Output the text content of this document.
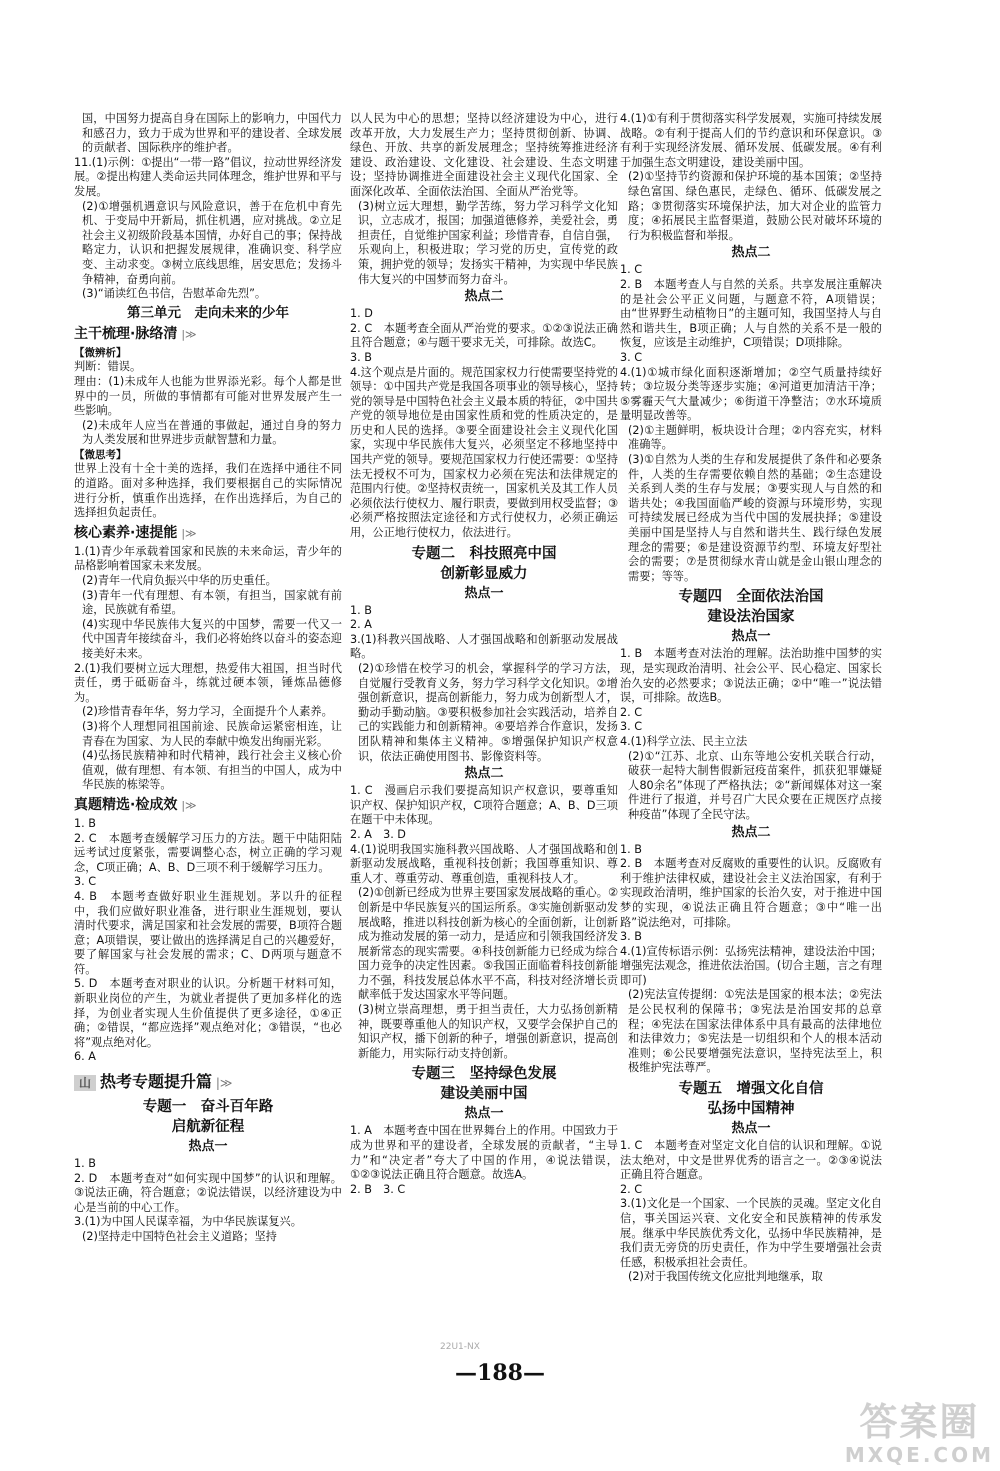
国，中国努力提高自身在国际上的影响力，中国代力和感召力，致力于成为世界和平的建设者、全球发展的贡献者、国际秩序的维护者。

11.(1)示例：①提出“一带一路”倡议，拉动世界经济发展。②提出构建人类命运共同体理念，维护世界和平与发展。

(2)①增强机遇意识与风险意识，善于在危机中育先机、于变局中开新局，抓住机遇，应对挑战。②立足社会主义初级阶段基本国情，办好自己的事；保持战略定力，认识和把握发展规律，准确识变、科学应变、主动求变。③树立底线思维，居安思危；发扬斗争精神，奋勇向前。

(3)“诵读红色书信，告慰革命先烈”。

第三单元　走向未来的少年
主干梳理·脉络清 |≫

【微辨析】

判断：错误。

理由：(1)未成年人也能为世界添光彩。每个人都是世界中的一员，所做的事情都有可能对世界发展产生一些影响。

(2)未成年人应当在普通的事做起，通过自身的努力为人类发展和世界进步贡献智慧和力量。

【微思考】

世界上没有十全十美的选择，我们在选择中通往不同的道路。面对多种选择，我们要根据自己的实际情况进行分析，慎重作出选择，在作出选择后，为自己的选择担负起责任。

核心素养·速提能 |≫

1.(1)青少年承载着国家和民族的未来命运，青少年的品格影响着国家未来发展。

(2)青年一代肩负振兴中华的历史重任。

(3)青年一代有理想、有本领，有担当，国家就有前途，民族就有希望。

(4)实现中华民族伟大复兴的中国梦，需要一代又一代中国青年接续奋斗，我们必将始终以奋斗的姿态迎接美好未来。

2.(1)我们要树立远大理想，热爱伟大祖国，担当时代责任，勇于砥砺奋斗，练就过硬本领，锤炼品德修为。

(2)珍惜青春年华，努力学习，全面提升个人素养。

(3)将个人理想同祖国前途、民族命运紧密相连，让青春在为国家、为人民的奉献中焕发出绚丽光彩。

(4)弘扬民族精神和时代精神，践行社会主义核心价值观，做有理想、有本领、有担当的中国人，成为中华民族的栋梁等。

真题精选·检成效 |≫

1. B

2. C　本题考查缓解学习压力的方法。题干中陆阳陆远考试过度紧张，需要调整心态，树立正确的学习观念，C项正确；A、B、D三项不利于缓解学习压力。

3. C

4. B　本题考查做好职业生涯规划。茅以升的征程中，我们应做好职业准备，进行职业生涯规划，要认清时代要求，满足国家和社会发展的需要，B项符合题意；A项错误，要让做出的选择满足自己的兴趣爱好，要了解国家与社会发展的需求；C、D两项与题意不符。

5. D　本题考查对职业的认识。分析题干材料可知，新职业岗位的产生，为就业者提供了更加多样化的选择，为创业者实现人生价值提供了更多途径，①④正确；②错误，“都应选择”观点绝对化；③错误，“也必将”观点绝对化。

6. A

山 热考专题提升篇 |≫
专题一　奋斗百年路
启航新征程
热点一

1. B

2. D　本题考查对“如何实现中国梦”的认识和理解。③说法正确，符合题意；②说法错误，以经济建设为中心是当前的中心工作。

3.(1)为中国人民谋幸福，为中华民族谋复兴。

(2)坚持走中国特色社会主义道路；坚持

以人民为中心的思想；坚持以经济建设为中心，进行改革开放，大力发展生产力；坚持贯彻创新、协调、绿色、开放、共享的新发展理念；坚持统筹推进经济建设、政治建设、文化建设、社会建设、生态文明建设；坚持协调推进全面建设社会主义现代化国家、全面深化改革、全面依法治国、全面从严治党等。

(3)树立远大理想，勤学苦练，努力学习科学文化知识，立志成才，报国；加强道德修养，美爱社会，勇担责任，自觉维护国家利益；珍惜青春，自信自强，乐观向上，积极进取；学习党的历史，宣传党的政策，拥护党的领导；发扬实干精神，为实现中华民族伟大复兴的中国梦而努力奋斗。

热点二

1. D

2. C　本题考查全面从严治党的要求。①②③说法正确且符合题意；④与题干要求无关，可排除。故选C。

3. B

4.这个观点是片面的。规范国家权力行使需要坚持党的领导：①中国共产党是我国各项事业的领导核心，坚持党的领导是中国特色社会主义最本质的特征，②中国共产党的领导地位是由国家性质和党的性质决定的，是历史和人民的选择。③要全面建设社会主义现代化国家，实现中华民族伟大复兴，必须坚定不移地坚持中国共产党的领导。要规范国家权力行使还需要：①坚持法无授权不可为，国家权力必须在宪法和法律规定的范围内行使。②坚持权责统一，国家机关及其工作人员必须依法行使权力、履行职责，要做到用权受监督；③必须严格按照法定途径和方式行使权力，必须正确运用，公正地行使权力，依法进行。

专题二　科技照亮中国
创新彰显威力
热点一

1. B

2. A

3.(1)科教兴国战略、人才强国战略和创新驱动发展战略。

(2)①珍惜在校学习的机会，掌握科学的学习方法，自觉履行受教育义务，努力学习科学文化知识。②增强创新意识，提高创新能力，努力成为创新型人才，勤动手勤动脑。③要积极参加社会实践活动，培养自己的实践能力和创新精神。④要培养合作意识，发扬团队精神和集体主义精神。⑤增强保护知识产权意识，依法正确使用图书、影像资料等。

热点二

1. C　漫画启示我们要提高知识产权意识，要尊重知识产权、保护知识产权，C项符合题意；A、B、D三项在题干中未体现。

2. A　3. D

4.(1)说明我国实施科教兴国战略、人才强国战略和创新驱动发展战略，重视科技创新；我国尊重知识、尊重人才、尊重劳动、尊重创造，重视科技人才。

(2)①创新已经成为世界主要国家发展战略的重心。②创新是中华民族复兴的国运所系。③实施创新驱动发展战略，推进以科技创新为核心的全面创新，让创新成为推动发展的第一动力，是适应和引领我国经济发展新常态的现实需要。④科技创新能力已经成为综合国力竞争的决定性因素。⑤我国正面临着科技创新能力不强，科技发展总体水平不高，科技对经济增长贡献率低于发达国家水平等问题。

(3)树立崇高理想，勇于担当责任，大力弘扬创新精神，既要尊重他人的知识产权，又要学会保护自己的知识产权，播下创新的种子，增强创新意识，提高创新能力，用实际行动支持创新。

专题三　坚持绿色发展
建设美丽中国
热点一

1. A　本题考查中国在世界舞台上的作用。中国致力于成为世界和平的建设者，全球发展的贡献者，“主导力”和“决定者”夸大了中国的作用，④说法错误，①②③说法正确且符合题意。故选A。

2. B　3. C

4.(1)①有利于贯彻落实科学发展观，实施可持续发展战略。②有利于提高人们的节约意识和环保意识。③有利于实现经济发展、循环发展、低碳发展。④有利于加强生态文明建设，建设美丽中国。

(2)①坚持节约资源和保护环境的基本国策；②坚持绿色富国、绿色惠民，走绿色、循环、低碳发展之路；③贯彻落实环境保护法，加大对企业的监管力度；④拓展民主监督渠道，鼓励公民对破坏环境的行为积极监督和举报。

热点二

1. C

2. B　本题考查人与自然的关系。共享发展注重解决的是社会公平正义问题，与题意不符，A项错误；由“世界野生动植物日”的主题可知，我国坚持人与自然和谐共生，B项正确；人与自然的关系不是一般的恢复，应该是主动维护，C项错误；D项排除。

3. C

4.(1)①城市绿化面积逐渐增加；②空气质量持续好转；③垃圾分类等逐步实施；④河道更加清洁干净；⑤雾霾天气大量减少；⑥街道干净整洁；⑦水环境质量明显改善等。

(2)①主题鲜明，板块设计合理；②内容充实，材料准确等。

(3)①自然为人类的生存和发展提供了条件和必要条件，人类的生存需要依赖自然的基础；②生态建设关系到人类的生存与发展；③要实现人与自然的和谐共处；④我国面临严峻的资源与环境形势，实现可持续发展已经成为当代中国的发展抉择；⑤建设美丽中国是坚持人与自然和谐共生、践行绿色发展理念的需要；⑥是建设资源节约型、环境友好型社会的需要；⑦是贯彻绿水青山就是金山银山理念的需要；等等。

专题四　全面依法治国
建设法治国家
热点一

1. B　本题考查对法治的理解。法治助推中国梦的实现，是实现政治清明、社会公平、民心稳定、国家长治久安的必然要求；③说法正确；②中“唯一”说法错误，可排除。故选B。

2. C

3. C

4.(1)科学立法、民主立法

(2)①“江苏、北京、山东等地公安机关联合行动，破获一起特大制售假新冠疫苗案件，抓获犯罪嫌疑人80余名”体现了严格执法；②“新闻媒体对这一案件进行了报道，并号召广大民众要在正规医疗点接种疫苗”体现了全民守法。

热点二

1. B

2. B　本题考查对反腐败的重要性的认识。反腐败有利于维护法律权威，建设社会主义法治国家，有利于实现政治清明，维护国家的长治久安，对于推进中国梦的实现，④说法正确且符合题意；③中“唯一出路”说法绝对，可排除。

3. B

4.(1)宣传标语示例：弘扬宪法精神，建设法治中国；增强宪法观念，推进依法治国。(切合主题，言之有理即可)

(2)宪法宣传提纲：①宪法是国家的根本法；②宪法是公民权利的保障书；③宪法是治国安邦的总章程；④宪法在国家法律体系中具有最高的法律地位和法律效力；⑤宪法是一切组织和个人的根本活动准则；⑥公民要增强宪法意识，坚持宪法至上，积极维护宪法尊严。

专题五　增强文化自信
弘扬中国精神
热点一

1. C　本题考查对坚定文化自信的认识和理解。①说法太绝对，中文是世界优秀的语言之一。②③④说法正确且符合题意。

2. C

3.(1)文化是一个国家、一个民族的灵魂。坚定文化自信，事关国运兴衰、文化安全和民族精神的传承发展。继承中华民族优秀文化，弘扬中华民族精神，是我们责无旁贷的历史责任，作为中学生要增强社会责任感，积极承担社会责任。

(2)对于我国传统文化应批判地继承，取

22U1-NX
—188—
答案圈
MXQE.COM
